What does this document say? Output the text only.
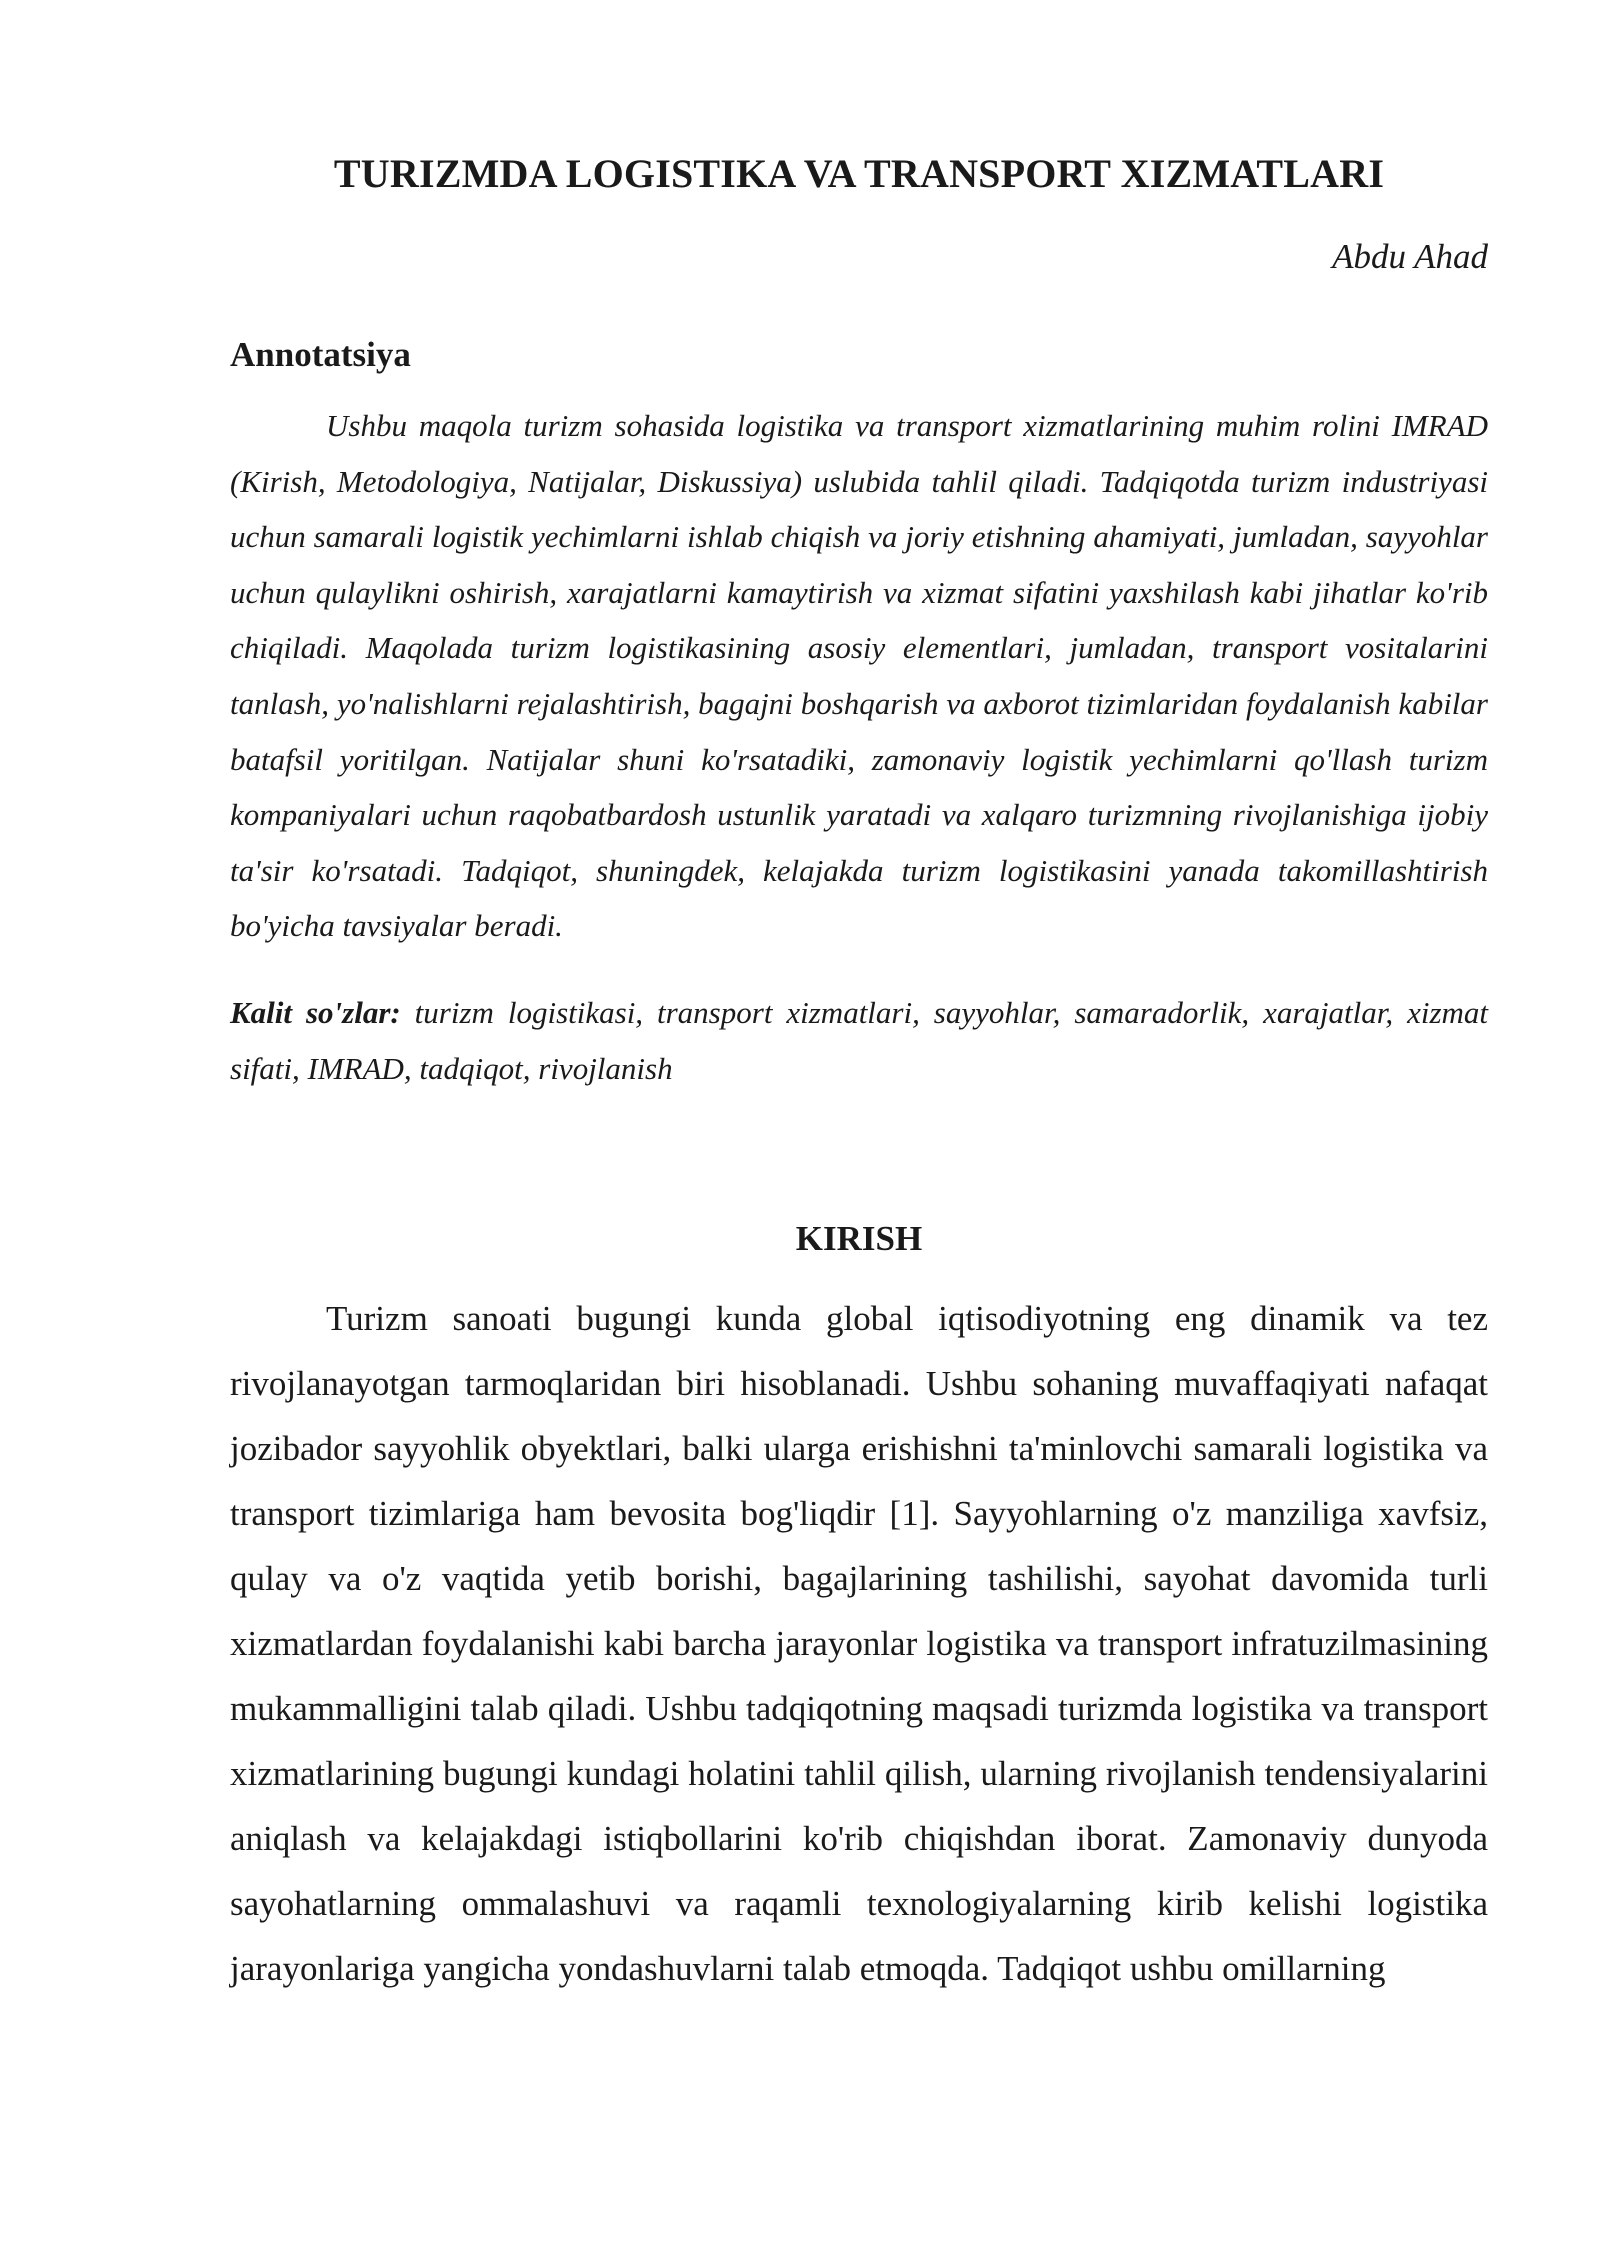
TURIZMDA LOGISTIKA VA TRANSPORT XIZMATLARI
Abdu Ahad
Annotatsiya

Ushbu maqola turizm sohasida logistika va transport xizmatlarining muhim rolini IMRAD (Kirish, Metodologiya, Natijalar, Diskussiya) uslubida tahlil qiladi. Tadqiqotda turizm industriyasi uchun samarali logistik yechimlarni ishlab chiqish va joriy etishning ahamiyati, jumladan, sayyohlar uchun qulaylikni oshirish, xarajatlarni kamaytirish va xizmat sifatini yaxshilash kabi jihatlar ko'rib chiqiladi. Maqolada turizm logistikasining asosiy elementlari, jumladan, transport vositalarini tanlash, yo'nalishlarni rejalashtirish, bagajni boshqarish va axborot tizimlaridan foydalanish kabilar batafsil yoritilgan. Natijalar shuni ko'rsatadiki, zamonaviy logistik yechimlarni qo'llash turizm kompaniyalari uchun raqobatbardosh ustunlik yaratadi va xalqaro turizmning rivojlanishiga ijobiy ta'sir ko'rsatadi. Tadqiqot, shuningdek, kelajakda turizm logistikasini yanada takomillashtirish bo'yicha tavsiyalar beradi.

Kalit so'zlar: turizm logistikasi, transport xizmatlari, sayyohlar, samaradorlik, xarajatlar, xizmat sifati, IMRAD, tadqiqot, rivojlanish

KIRISH

Turizm sanoati bugungi kunda global iqtisodiyotning eng dinamik va tez rivojlanayotgan tarmoqlaridan biri hisoblanadi. Ushbu sohaning muvaffaqiyati nafaqat jozibador sayyohlik obyektlari, balki ularga erishishni ta'minlovchi samarali logistika va transport tizimlariga ham bevosita bog'liqdir [1]. Sayyohlarning o'z manziliga xavfsiz, qulay va o'z vaqtida yetib borishi, bagajlarining tashilishi, sayohat davomida turli xizmatlardan foydalanishi kabi barcha jarayonlar logistika va transport infratuzilmasining mukammalligini talab qiladi. Ushbu tadqiqotning maqsadi turizmda logistika va transport xizmatlarining bugungi kundagi holatini tahlil qilish, ularning rivojlanish tendensiyalarini aniqlash va kelajakdagi istiqbollarini ko'rib chiqishdan iborat. Zamonaviy dunyoda sayohatlarning ommalashuvi va raqamli texnologiyalarning kirib kelishi logistika jarayonlariga yangicha yondashuvlarni talab etmoqda. Tadqiqot ushbu omillarning
